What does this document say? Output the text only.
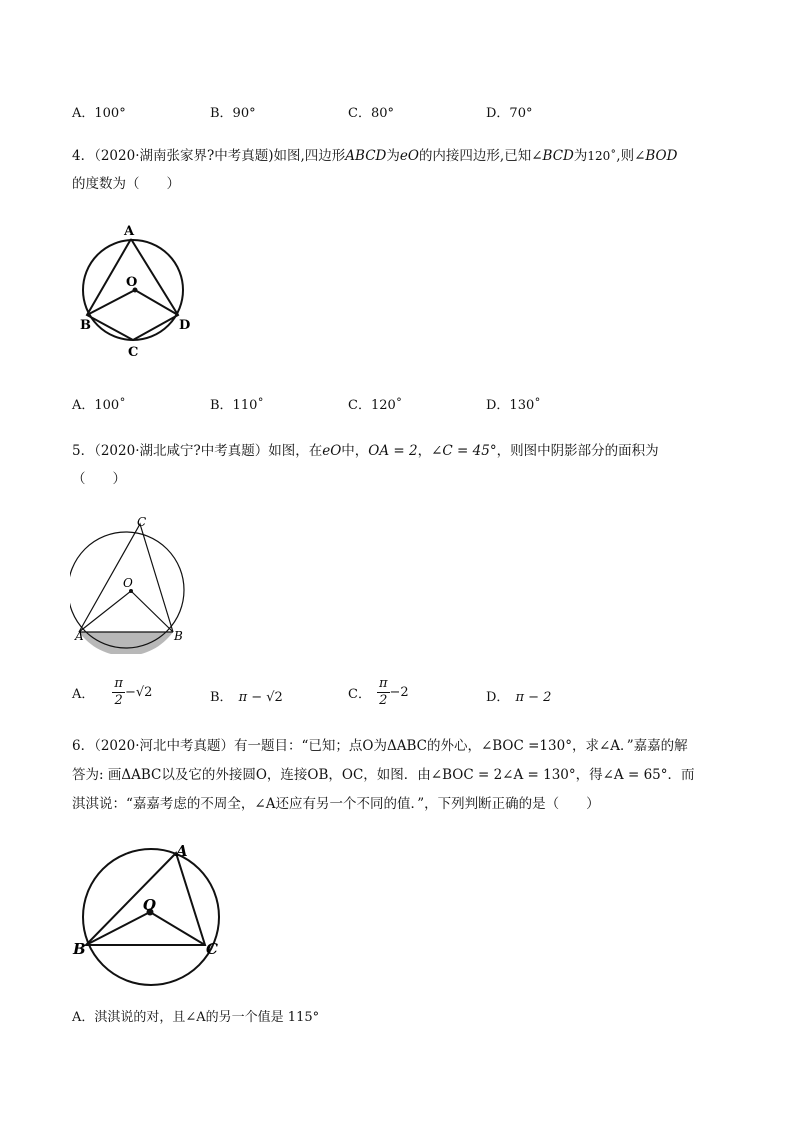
A．100°	B．90°	C．80°	D．70°
4．（2020·湖南张家界?中考真题)如图,四边形ABCD为eO的内接四边形,已知∠BCD为120˚,则∠BOD
的度数为（　　）
A
O
B	D
C
A．100˚	B．110˚	C．120˚	D．130˚
5．（2020·湖北咸宁?中考真题）如图，在eO中，OA = 2，∠C = 45°，则图中阴影部分的面积为
（　　）
C
O
A	B
A． $\frac{\pi}{2} -√2$	B． π − √2	C． $\frac{\pi}{2} -2$	D． π − 2
6．（2020·河北中考真题）有一题目：“已知；点O为ΔABC的外心，∠BOC =130°，求∠A．”嘉嘉的解
答为: 画ΔABC以及它的外接圆O，连接OB，OC，如图．由∠BOC = 2∠A = 130°，得∠A = 65°．而
淇淇说：“嘉嘉考虑的不周全，∠A还应有另一个不同的值．”，下列判断正确的是（　　）
A
O
B	C
A．淇淇说的对，且∠A的另一个值是 115°
